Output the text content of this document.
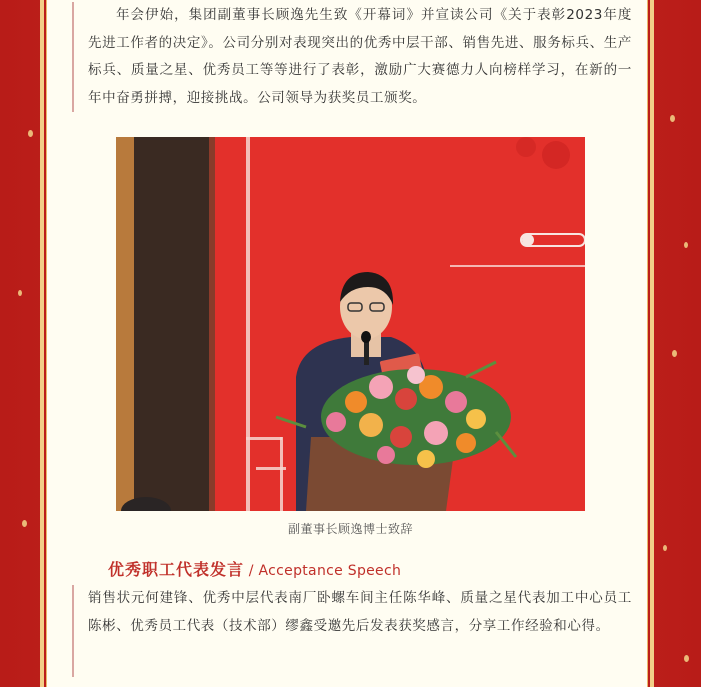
年会伊始，集团副董事长顾逸先生致《开幕词》并宣读公司《关于表彰2023年度先进工作者的决定》。公司分别对表现突出的优秀中层干部、销售先进、服务标兵、生产标兵、质量之星、优秀员工等等进行了表彰，激励广大赛德力人向榜样学习，在新的一年中奋勇拼搏，迎接挑战。公司领导为获奖员工颁奖。
副董事长顾逸博士致辞
优秀职工代表发言 / Acceptance Speech
销售状元何建锋、优秀中层代表南厂卧螺车间主任陈华峰、质量之星代表加工中心员工陈彬、优秀员工代表（技术部）缪鑫受邀先后发表获奖感言，分享工作经验和心得。
